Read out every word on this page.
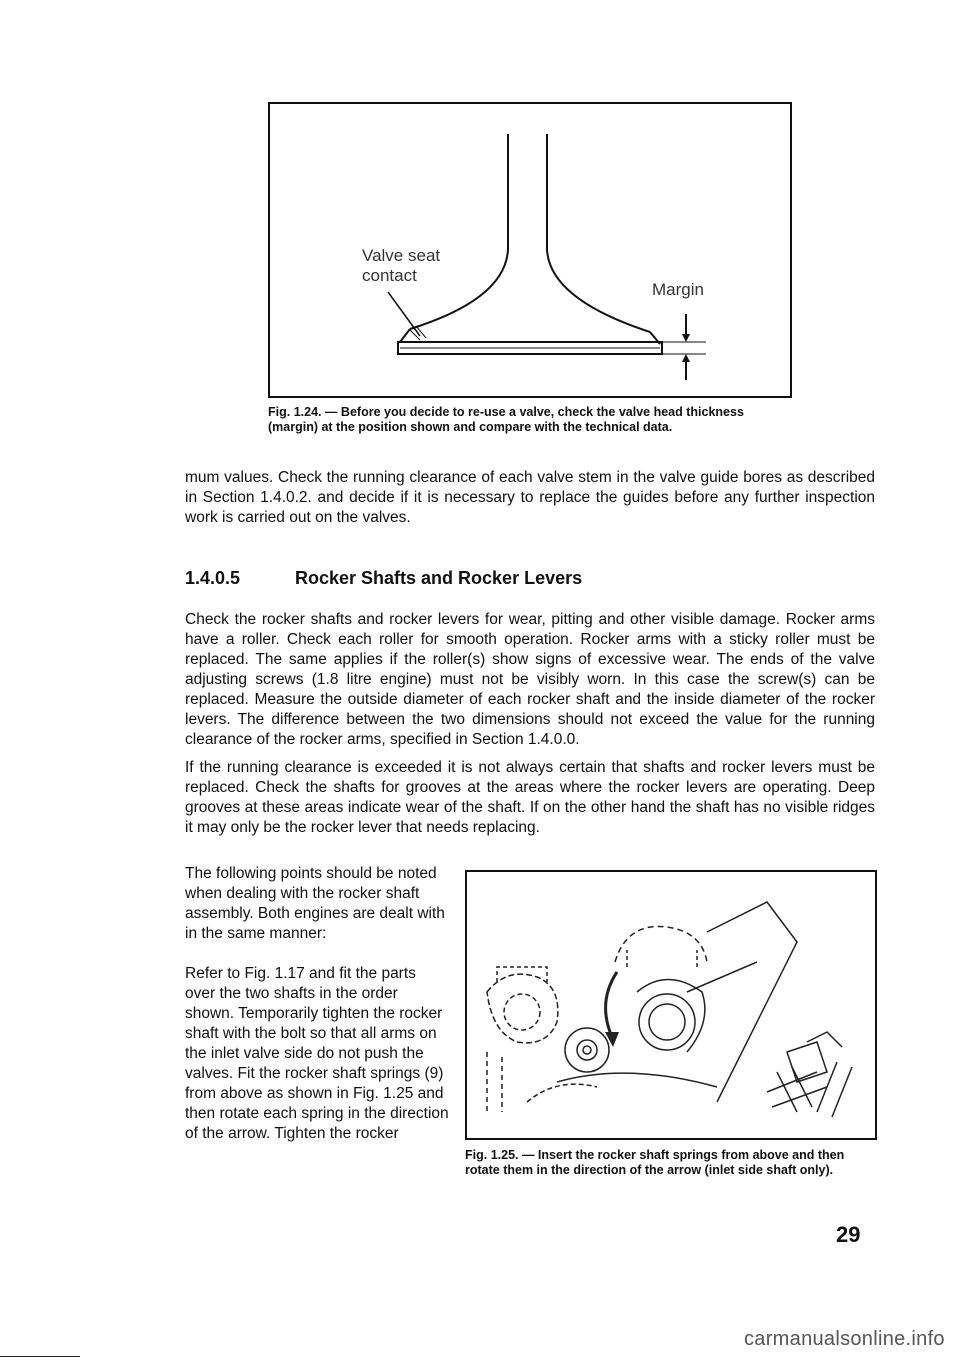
Valve seat
contact
Margin
Fig. 1.24. — Before you decide to re-use a valve, check the valve head thickness (margin) at the position shown and compare with the technical data.
mum values. Check the running clearance of each valve stem in the valve guide bores as described in Section 1.4.0.2. and decide if it is necessary to replace the guides before any further inspection work is carried out on the valves.
1.4.0.5	Rocker Shafts and Rocker Levers

Check the rocker shafts and rocker levers for wear, pitting and other visible damage. Rocker arms have a roller. Check each roller for smooth operation. Rocker arms with a sticky roller must be replaced. The same applies if the roller(s) show signs of excessive wear. The ends of the valve adjusting screws (1.8 litre engine) must not be visibly worn. In this case the screw(s) can be replaced. Measure the outside diameter of each rocker shaft and the inside diameter of the rocker levers. The difference between the two dimensions should not exceed the value for the running clearance of the rocker arms, specified in Section 1.4.0.0.

If the running clearance is exceeded it is not always certain that shafts and rocker levers must be replaced. Check the shafts for grooves at the areas where the rocker levers are operating. Deep grooves at these areas indicate wear of the shaft. If on the other hand the shaft has no visible ridges it may only be the rocker lever that needs replacing.

The following points should be noted when dealing with the rocker shaft assembly. Both engines are dealt with in the same manner:

Refer to Fig. 1.17 and fit the parts over the two shafts in the order shown. Temporarily tighten the rocker shaft with the bolt so that all arms on the inlet valve side do not push the valves. Fit the rocker shaft springs (9) from above as shown in Fig. 1.25 and then rotate each spring in the direction of the arrow. Tighten the rocker

Fig. 1.25. — Insert the rocker shaft springs from above and then rotate them in the direction of the arrow (inlet side shaft only).
29
carmanualsonline.info
